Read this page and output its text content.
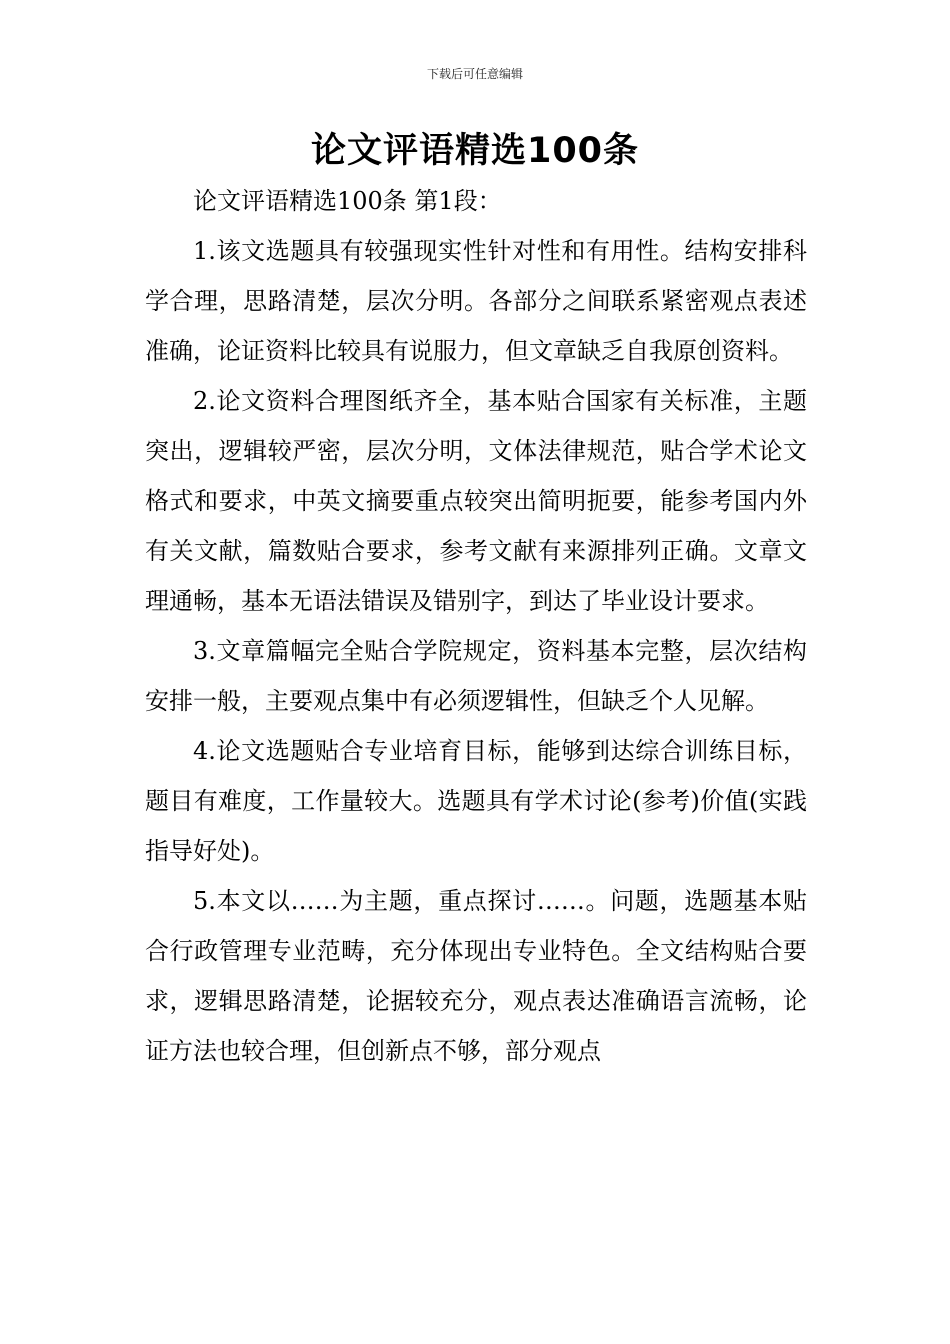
下载后可任意编辑
论文评语精选100条

论文评语精选100条 第1段：

1.该文选题具有较强现实性针对性和有用性。结构安排科学合理，思路清楚，层次分明。各部分之间联系紧密观点表述准确，论证资料比较具有说服力，但文章缺乏自我原创资料。

2.论文资料合理图纸齐全，基本贴合国家有关标准，主题突出，逻辑较严密，层次分明，文体法律规范，贴合学术论文格式和要求，中英文摘要重点较突出简明扼要，能参考国内外有关文献，篇数贴合要求，参考文献有来源排列正确。文章文理通畅，基本无语法错误及错别字，到达了毕业设计要求。

3.文章篇幅完全贴合学院规定，资料基本完整，层次结构安排一般，主要观点集中有必须逻辑性，但缺乏个人见解。

4.论文选题贴合专业培育目标，能够到达综合训练目标，题目有难度，工作量较大。选题具有学术讨论(参考)价值(实践指导好处)。

5.本文以……为主题，重点探讨……。问题，选题基本贴合行政管理专业范畴，充分体现出专业特色。全文结构贴合要求，逻辑思路清楚，论据较充分，观点表达准确语言流畅，论证方法也较合理，但创新点不够，部分观点
